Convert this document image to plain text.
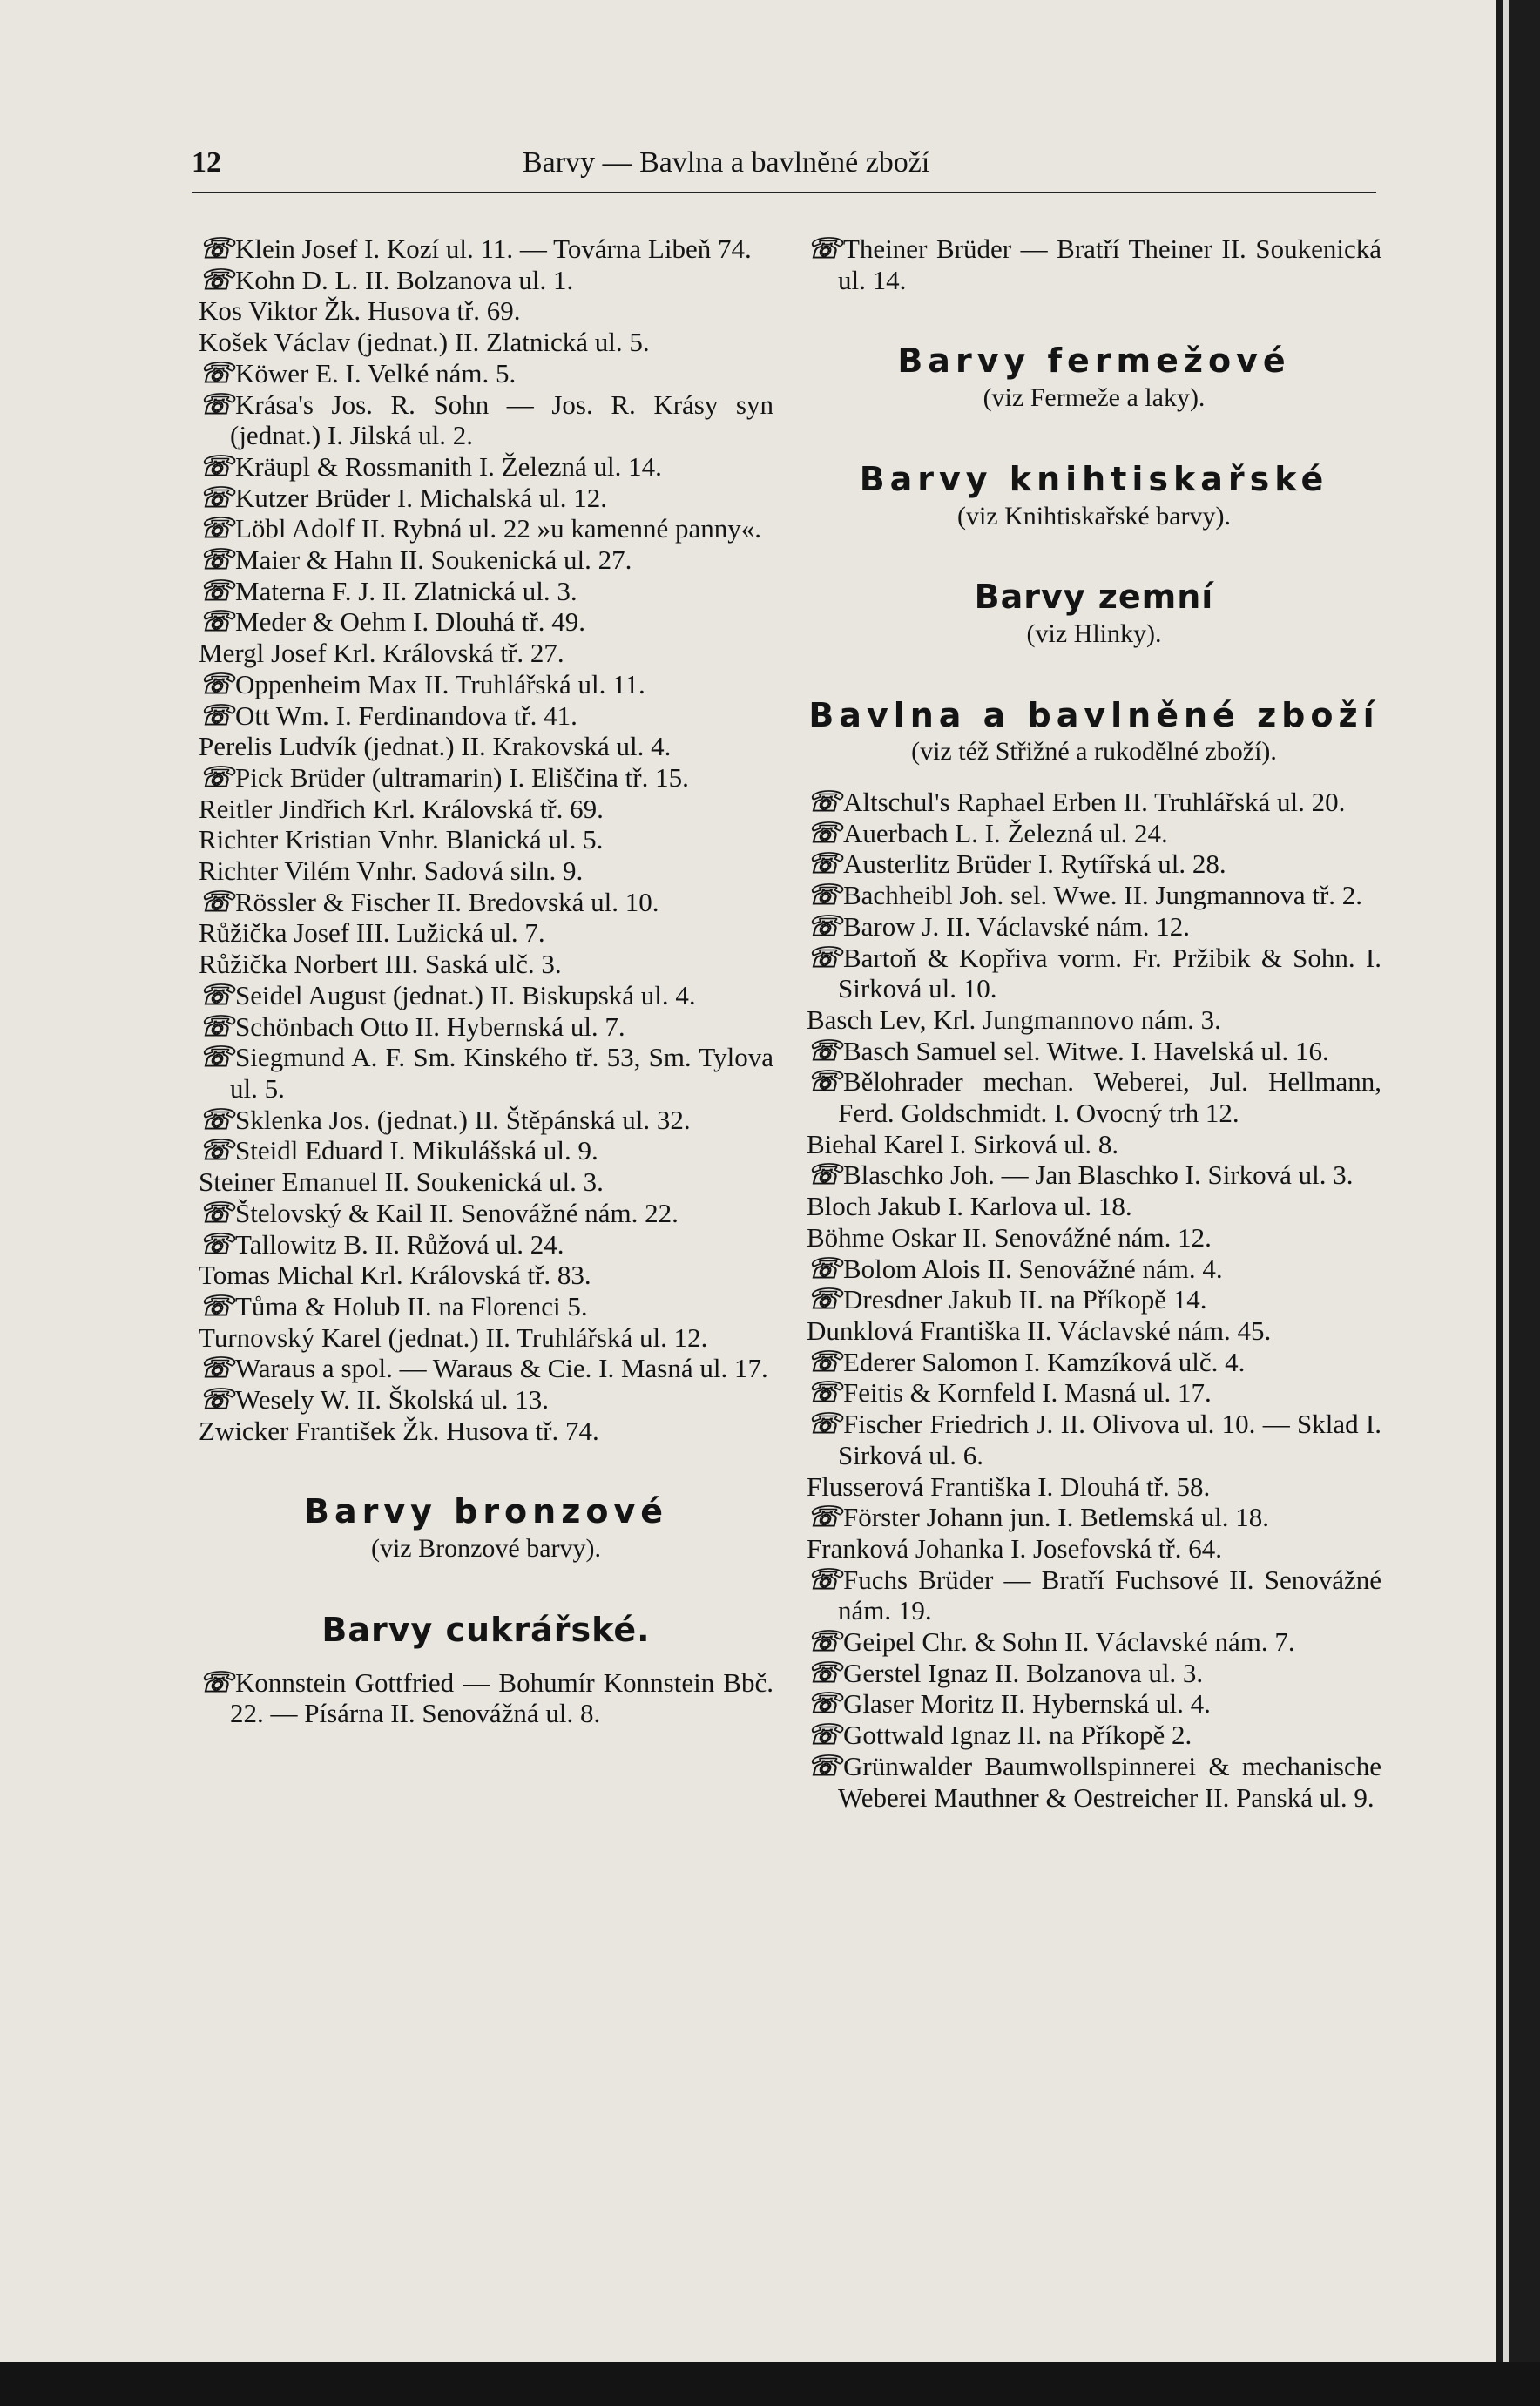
12	Barvy — Bavlna a bavlněné zboží

☏Klein Josef I. Kozí ul. 11. — Továrna Libeň 74.

☏Kohn D. L. II. Bolzanova ul. 1.

Kos Viktor Žk. Husova tř. 69.

Košek Václav (jednat.) II. Zlatnická ul. 5.

☏Köwer E. I. Velké nám. 5.

☏Krása's Jos. R. Sohn — Jos. R. Krásy syn (jednat.) I. Jilská ul. 2.

☏Kräupl & Rossmanith I. Železná ul. 14.

☏Kutzer Brüder I. Michalská ul. 12.

☏Löbl Adolf II. Rybná ul. 22 »u kamenné panny«.

☏Maier & Hahn II. Soukenická ul. 27.

☏Materna F. J. II. Zlatnická ul. 3.

☏Meder & Oehm I. Dlouhá tř. 49.

Mergl Josef Krl. Královská tř. 27.

☏Oppenheim Max II. Truhlářská ul. 11.

☏Ott Wm. I. Ferdinandova tř. 41.

Perelis Ludvík (jednat.) II. Krakovská ul. 4.

☏Pick Brüder (ultramarin) I. Eliščina tř. 15.

Reitler Jindřich Krl. Královská tř. 69.

Richter Kristian Vnhr. Blanická ul. 5.

Richter Vilém Vnhr. Sadová siln. 9.

☏Rössler & Fischer II. Bredovská ul. 10.

Růžička Josef III. Lužická ul. 7.

Růžička Norbert III. Saská ulč. 3.

☏Seidel August (jednat.) II. Biskupská ul. 4.

☏Schönbach Otto II. Hybernská ul. 7.

☏Siegmund A. F. Sm. Kinského tř. 53, Sm. Tylova ul. 5.

☏Sklenka Jos. (jednat.) II. Štěpánská ul. 32.

☏Steidl Eduard I. Mikulášská ul. 9.

Steiner Emanuel II. Soukenická ul. 3.

☏Štelovský & Kail II. Senovážné nám. 22.

☏Tallowitz B. II. Růžová ul. 24.

Tomas Michal Krl. Královská tř. 83.

☏Tůma & Holub II. na Florenci 5.

Turnovský Karel (jednat.) II. Truhlářská ul. 12.

☏Waraus a spol. — Waraus & Cie. I. Masná ul. 17.

☏Wesely W. II. Školská ul. 13.

Zwicker František Žk. Husova tř. 74.

Barvy bronzové
(viz Bronzové barvy).
Barvy cukrářské.

☏Konnstein Gottfried — Bohumír Konnstein Bbč. 22. — Písárna II. Senovážná ul. 8.

☏Theiner Brüder — Bratří Theiner II. Soukenická ul. 14.

Barvy fermežové
(viz Fermeže a laky).
Barvy knihtiskařské
(viz Knihtiskařské barvy).
Barvy zemní
(viz Hlinky).
Bavlna a bavlněné zboží
(viz též Střižné a rukodělné zboží).

☏Altschul's Raphael Erben II. Truhlářská ul. 20.

☏Auerbach L. I. Železná ul. 24.

☏Austerlitz Brüder I. Rytířská ul. 28.

☏Bachheibl Joh. sel. Wwe. II. Jungmannova tř. 2.

☏Barow J. II. Václavské nám. 12.

☏Bartoň & Kopřiva vorm. Fr. Pržibik & Sohn. I. Sirková ul. 10.

Basch Lev, Krl. Jungmannovo nám. 3.

☏Basch Samuel sel. Witwe. I. Havelská ul. 16.

☏Bělohrader mechan. Weberei, Jul. Hellmann, Ferd. Goldschmidt. I. Ovocný trh 12.

Biehal Karel I. Sirková ul. 8.

☏Blaschko Joh. — Jan Blaschko I. Sirková ul. 3.

Bloch Jakub I. Karlova ul. 18.

Böhme Oskar II. Senovážné nám. 12.

☏Bolom Alois II. Senovážné nám. 4.

☏Dresdner Jakub II. na Příkopě 14.

Dunklová Františka II. Václavské nám. 45.

☏Ederer Salomon I. Kamzíková ulč. 4.

☏Feitis & Kornfeld I. Masná ul. 17.

☏Fischer Friedrich J. II. Olivova ul. 10. — Sklad I. Sirková ul. 6.

Flusserová Františka I. Dlouhá tř. 58.

☏Förster Johann jun. I. Betlemská ul. 18.

Franková Johanka I. Josefovská tř. 64.

☏Fuchs Brüder — Bratří Fuchsové II. Senovážné nám. 19.

☏Geipel Chr. & Sohn II. Václavské nám. 7.

☏Gerstel Ignaz II. Bolzanova ul. 3.

☏Glaser Moritz II. Hybernská ul. 4.

☏Gottwald Ignaz II. na Příkopě 2.

☏Grünwalder Baumwollspinnerei & mechanische Weberei Mauthner & Oestreicher II. Panská ul. 9.
